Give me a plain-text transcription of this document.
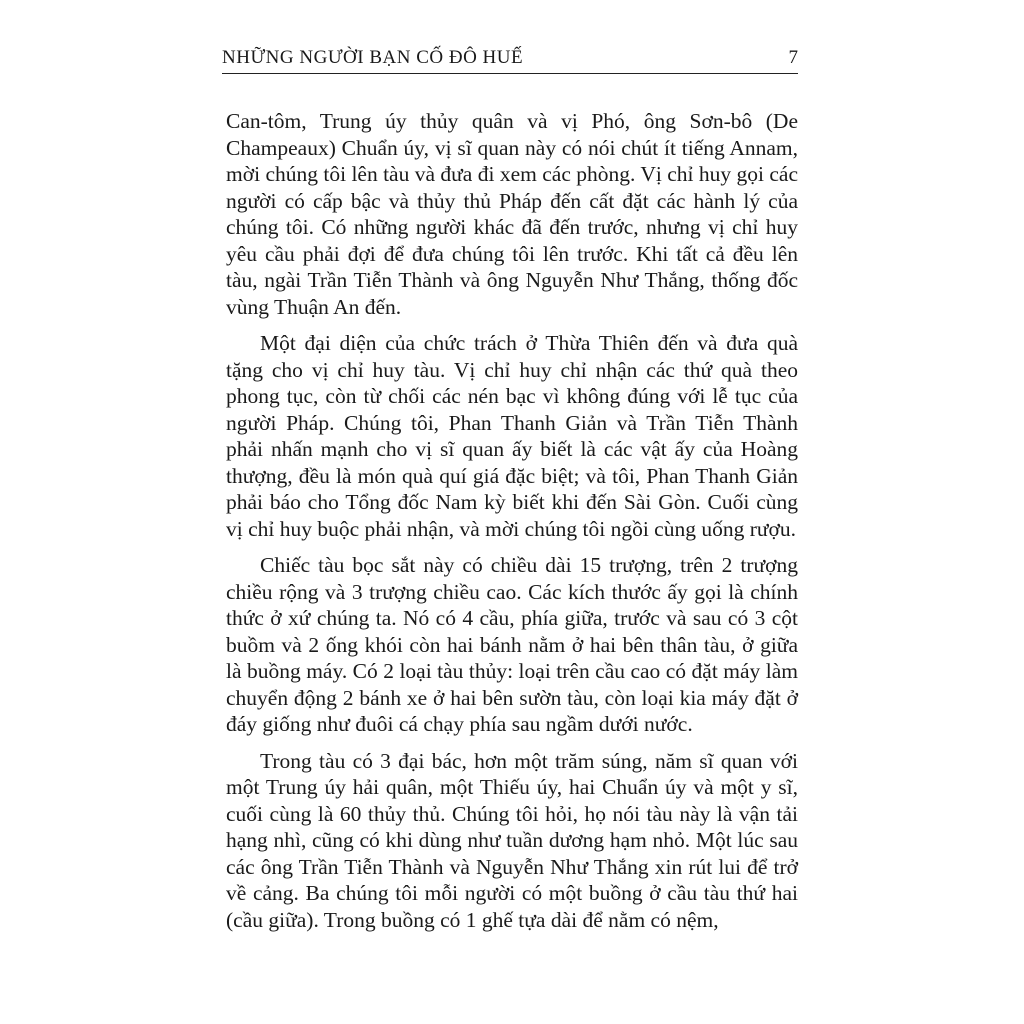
NHỮNG NGƯỜI BẠN CỐ ĐÔ HUẾ	7

Can-tôm, Trung úy thủy quân và vị Phó, ông Sơn-bô (De Champeaux) Chuẩn úy, vị sĩ quan này có nói chút ít tiếng Annam, mời chúng tôi lên tàu và đưa đi xem các phòng. Vị chỉ huy gọi các người có cấp bậc và thủy thủ Pháp đến cất đặt các hành lý của chúng tôi. Có những người khác đã đến trước, nhưng vị chỉ huy yêu cầu phải đợi để đưa chúng tôi lên trước. Khi tất cả đều lên tàu, ngài Trần Tiễn Thành và ông Nguyễn Như Thắng, thống đốc vùng Thuận An đến.

Một đại diện của chức trách ở Thừa Thiên đến và đưa quà tặng cho vị chỉ huy tàu. Vị chỉ huy chỉ nhận các thứ quà theo phong tục, còn từ chối các nén bạc vì không đúng với lễ tục của người Pháp. Chúng tôi, Phan Thanh Giản và Trần Tiễn Thành phải nhấn mạnh cho vị sĩ quan ấy biết là các vật ấy của Hoàng thượng, đều là món quà quí giá đặc biệt; và tôi, Phan Thanh Giản phải báo cho Tổng đốc Nam kỳ biết khi đến Sài Gòn. Cuối cùng vị chỉ huy buộc phải nhận, và mời chúng tôi ngồi cùng uống rượu.

Chiếc tàu bọc sắt này có chiều dài 15 trượng, trên 2 trượng chiều rộng và 3 trượng chiều cao. Các kích thước ấy gọi là chính thức ở xứ chúng ta. Nó có 4 cầu, phía giữa, trước và sau có 3 cột buồm và 2 ống khói còn hai bánh nằm ở hai bên thân tàu, ở giữa là buồng máy. Có 2 loại tàu thủy: loại trên cầu cao có đặt máy làm chuyển động 2 bánh xe ở hai bên sườn tàu, còn loại kia máy đặt ở đáy giống như đuôi cá chạy phía sau ngầm dưới nước.

Trong tàu có 3 đại bác, hơn một trăm súng, năm sĩ quan với một Trung úy hải quân, một Thiếu úy, hai Chuẩn úy và một y sĩ, cuối cùng là 60 thủy thủ. Chúng tôi hỏi, họ nói tàu này là vận tải hạng nhì, cũng có khi dùng như tuần dương hạm nhỏ. Một lúc sau các ông Trần Tiễn Thành và Nguyễn Như Thắng xin rút lui để trở về cảng. Ba chúng tôi mỗi người có một buồng ở cầu tàu thứ hai (cầu giữa). Trong buồng có 1 ghế tựa dài để nằm có nệm,
